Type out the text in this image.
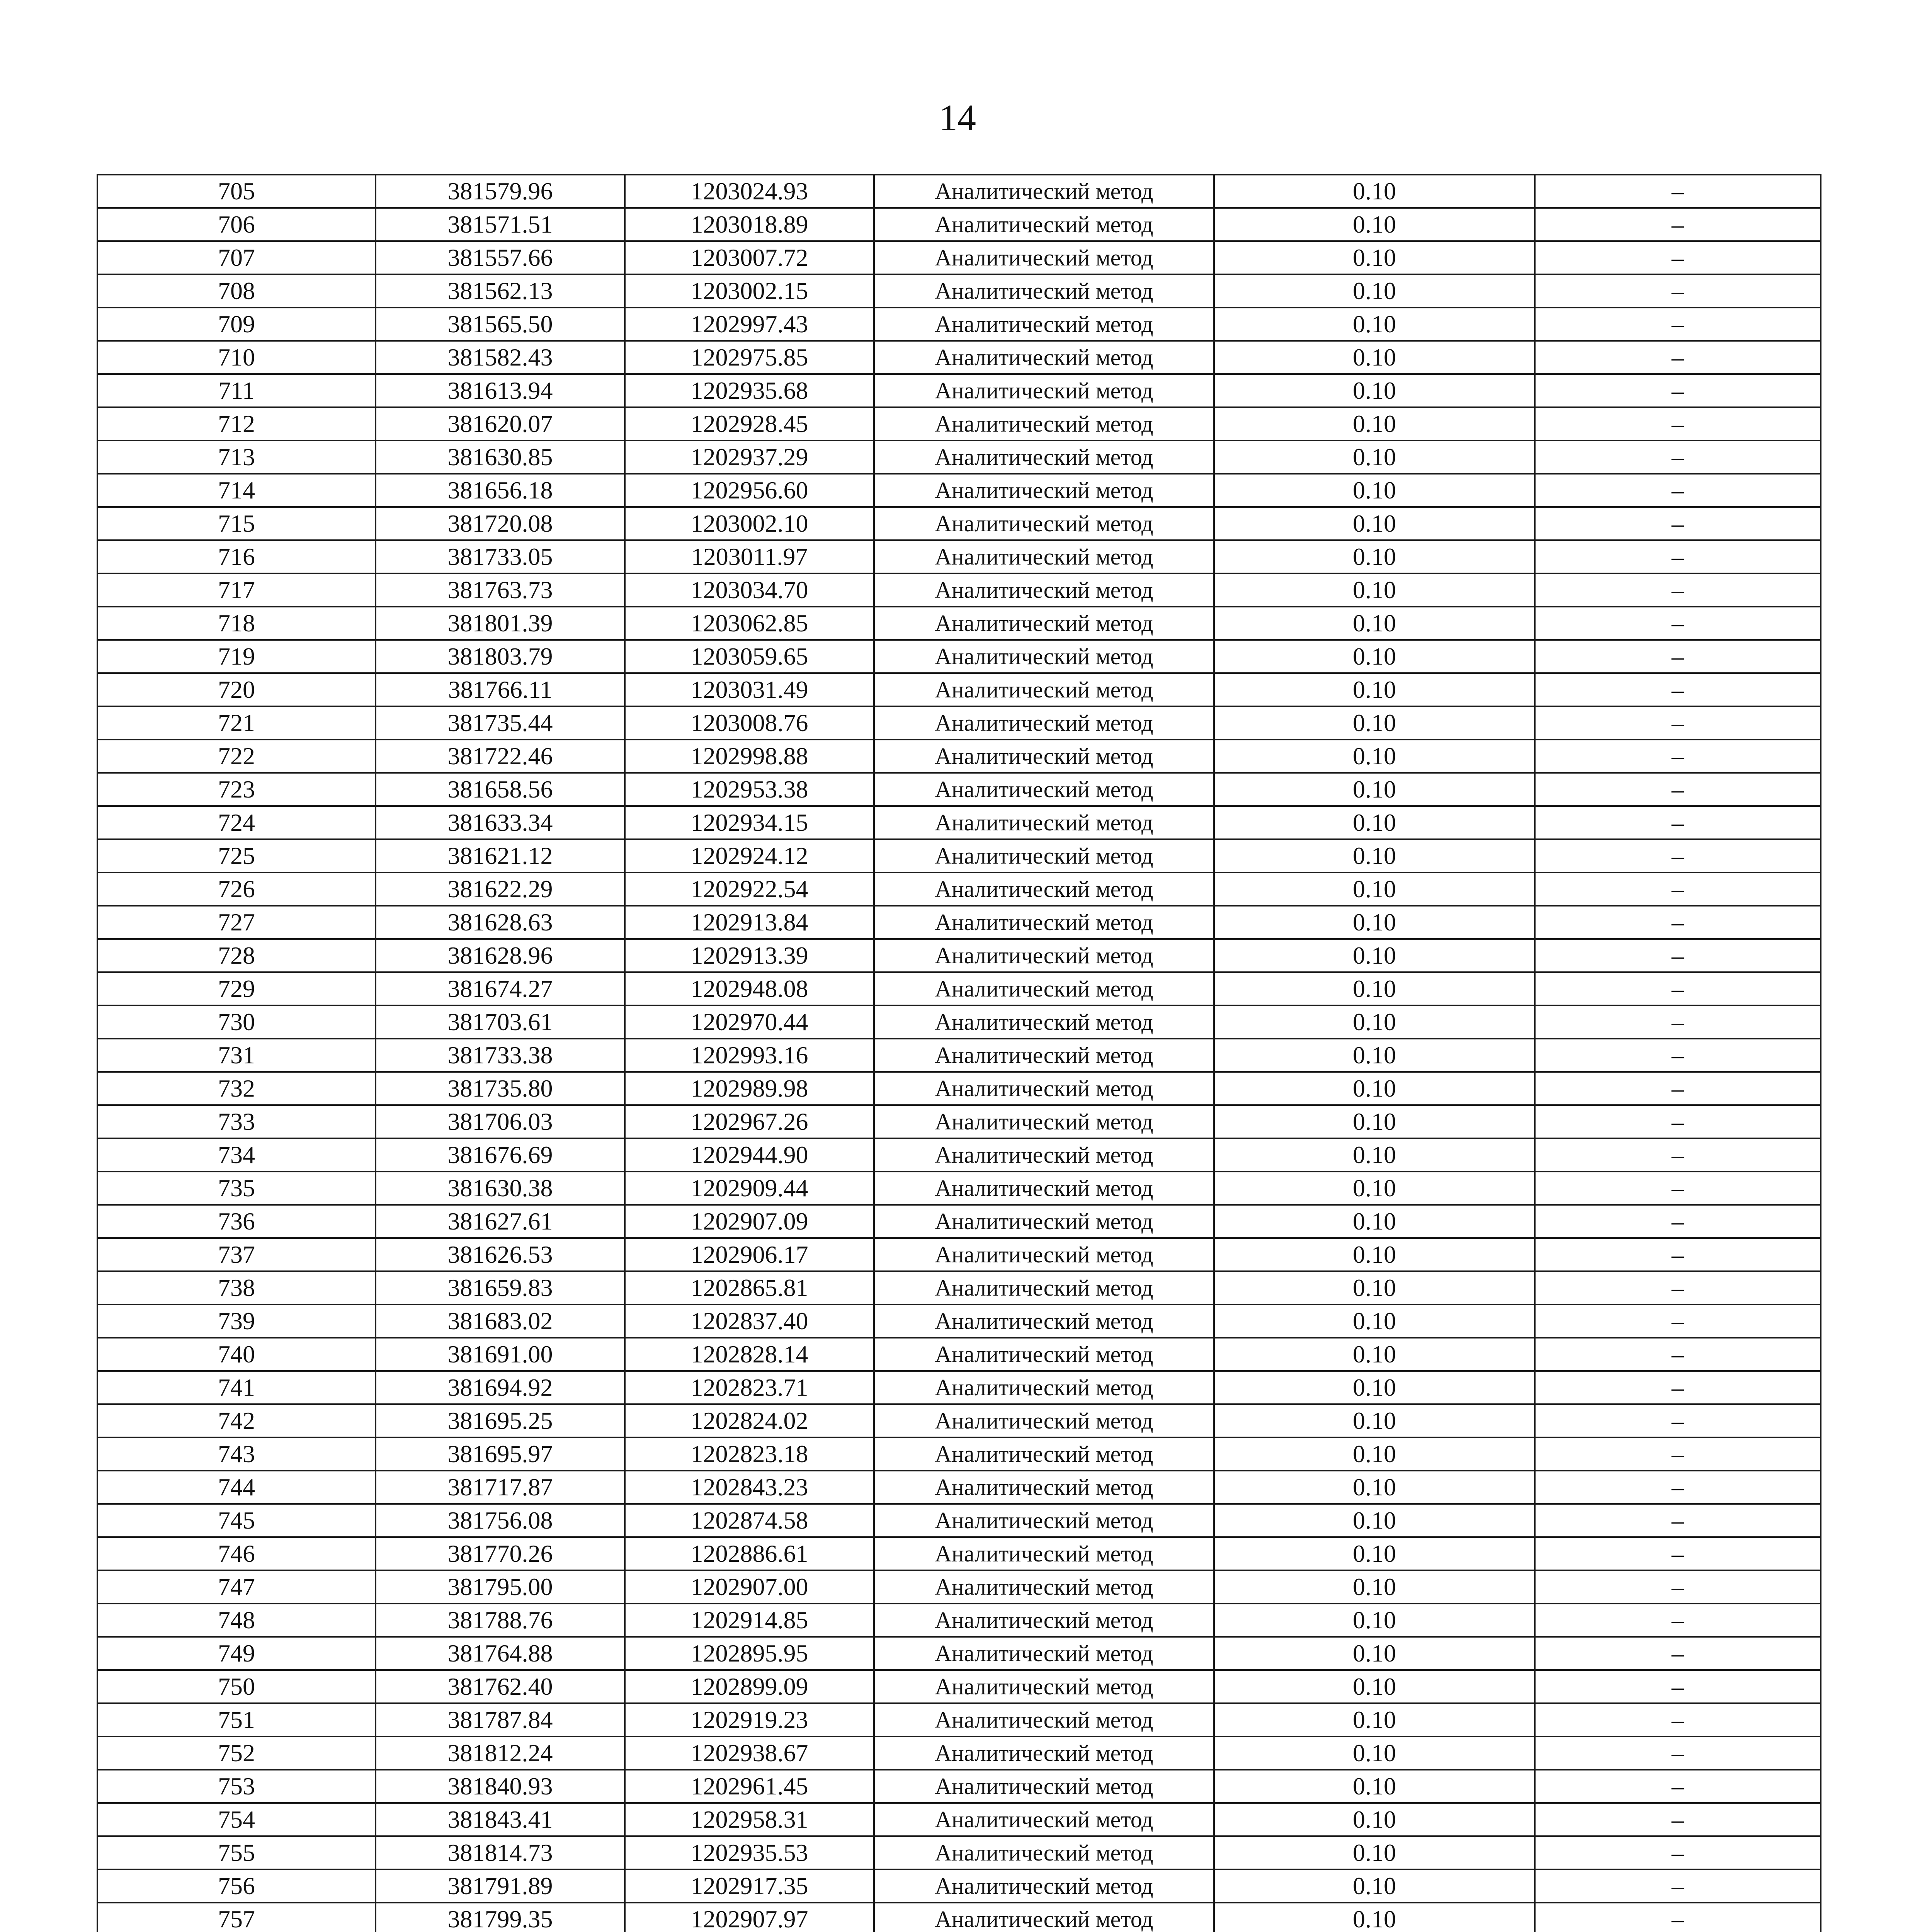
14
705	381579.96	1203024.93	Аналитический метод	0.10	–
706	381571.51	1203018.89	Аналитический метод	0.10	–
707	381557.66	1203007.72	Аналитический метод	0.10	–
708	381562.13	1203002.15	Аналитический метод	0.10	–
709	381565.50	1202997.43	Аналитический метод	0.10	–
710	381582.43	1202975.85	Аналитический метод	0.10	–
711	381613.94	1202935.68	Аналитический метод	0.10	–
712	381620.07	1202928.45	Аналитический метод	0.10	–
713	381630.85	1202937.29	Аналитический метод	0.10	–
714	381656.18	1202956.60	Аналитический метод	0.10	–
715	381720.08	1203002.10	Аналитический метод	0.10	–
716	381733.05	1203011.97	Аналитический метод	0.10	–
717	381763.73	1203034.70	Аналитический метод	0.10	–
718	381801.39	1203062.85	Аналитический метод	0.10	–
719	381803.79	1203059.65	Аналитический метод	0.10	–
720	381766.11	1203031.49	Аналитический метод	0.10	–
721	381735.44	1203008.76	Аналитический метод	0.10	–
722	381722.46	1202998.88	Аналитический метод	0.10	–
723	381658.56	1202953.38	Аналитический метод	0.10	–
724	381633.34	1202934.15	Аналитический метод	0.10	–
725	381621.12	1202924.12	Аналитический метод	0.10	–
726	381622.29	1202922.54	Аналитический метод	0.10	–
727	381628.63	1202913.84	Аналитический метод	0.10	–
728	381628.96	1202913.39	Аналитический метод	0.10	–
729	381674.27	1202948.08	Аналитический метод	0.10	–
730	381703.61	1202970.44	Аналитический метод	0.10	–
731	381733.38	1202993.16	Аналитический метод	0.10	–
732	381735.80	1202989.98	Аналитический метод	0.10	–
733	381706.03	1202967.26	Аналитический метод	0.10	–
734	381676.69	1202944.90	Аналитический метод	0.10	–
735	381630.38	1202909.44	Аналитический метод	0.10	–
736	381627.61	1202907.09	Аналитический метод	0.10	–
737	381626.53	1202906.17	Аналитический метод	0.10	–
738	381659.83	1202865.81	Аналитический метод	0.10	–
739	381683.02	1202837.40	Аналитический метод	0.10	–
740	381691.00	1202828.14	Аналитический метод	0.10	–
741	381694.92	1202823.71	Аналитический метод	0.10	–
742	381695.25	1202824.02	Аналитический метод	0.10	–
743	381695.97	1202823.18	Аналитический метод	0.10	–
744	381717.87	1202843.23	Аналитический метод	0.10	–
745	381756.08	1202874.58	Аналитический метод	0.10	–
746	381770.26	1202886.61	Аналитический метод	0.10	–
747	381795.00	1202907.00	Аналитический метод	0.10	–
748	381788.76	1202914.85	Аналитический метод	0.10	–
749	381764.88	1202895.95	Аналитический метод	0.10	–
750	381762.40	1202899.09	Аналитический метод	0.10	–
751	381787.84	1202919.23	Аналитический метод	0.10	–
752	381812.24	1202938.67	Аналитический метод	0.10	–
753	381840.93	1202961.45	Аналитический метод	0.10	–
754	381843.41	1202958.31	Аналитический метод	0.10	–
755	381814.73	1202935.53	Аналитический метод	0.10	–
756	381791.89	1202917.35	Аналитический метод	0.10	–
757	381799.35	1202907.97	Аналитический метод	0.10	–
